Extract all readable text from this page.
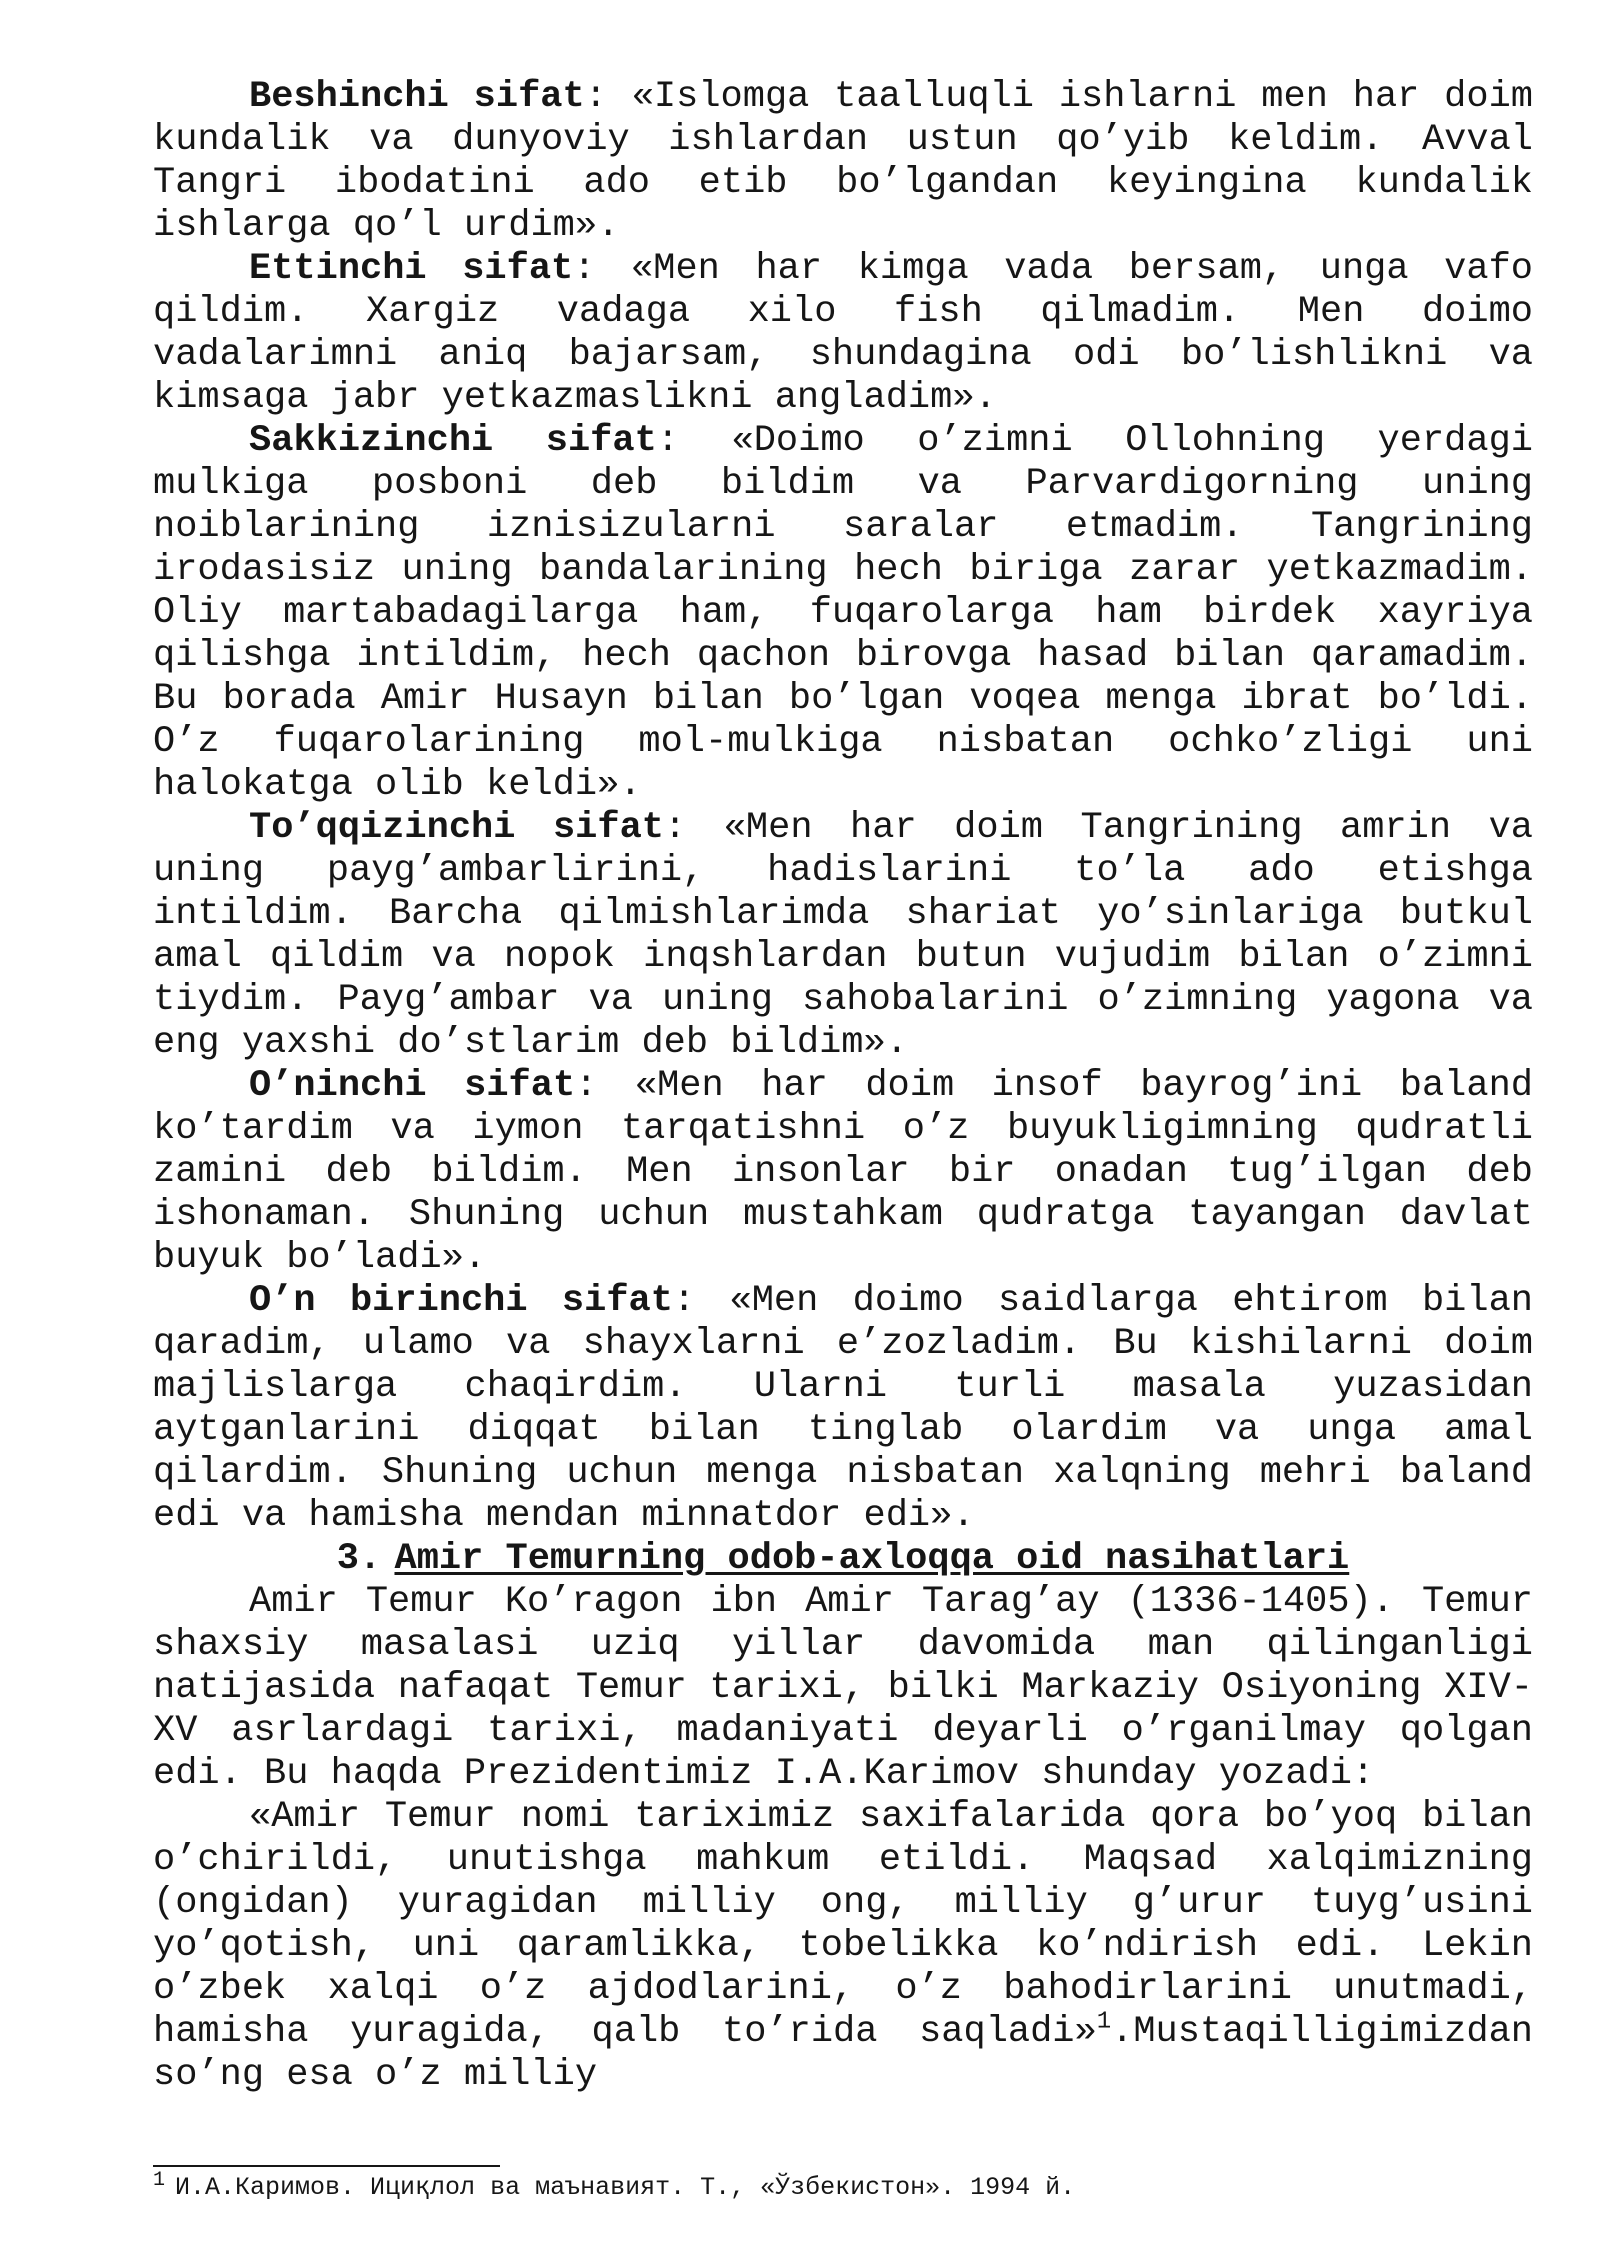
Beshinchi sifat: «Islomga taalluqli ishlarni men har doim kundalik va dunyoviy ishlardan ustun qo’yib keldim. Avval Tangri ibodatini ado etib bo’lgandan keyingina kundalik ishlarga qo’l urdim».

Ettinchi sifat: «Men har kimga vada bersam, unga vafo qildim. Xargiz vadaga xilo fish qilmadim. Men doimo vadalarimni aniq bajarsam, shundagina odi bo’lishlikni va kimsaga jabr yetkazmaslikni angladim».

Sakkizinchi sifat: «Doimo o’zimni Ollohning yerdagi mulkiga posboni deb bildim va Parvardigorning uning noiblarining iznisizularni saralar etmadim. Tangrining irodasisiz uning bandalarining hech biriga zarar yetkazmadim. Oliy martabadagilarga ham, fuqarolarga ham birdek xayriya qilishga intildim, hech qachon birovga hasad bilan qaramadim. Bu borada Amir Husayn bilan bo’lgan voqea menga ibrat bo’ldi. O’z fuqarolarining mol-mulkiga nisbatan ochko’zligi uni halokatga olib keldi».

To’qqizinchi sifat: «Men har doim Tangrining amrin va uning payg’ambarlirini, hadislarini to’la ado etishga intildim. Barcha qilmishlarimda shariat yo’sinlariga butkul amal qildim va nopok inqshlardan butun vujudim bilan o’zimni tiydim. Payg’ambar va uning sahobalarini o’zimning yagona va eng yaxshi do’stlarim deb bildim».

O’ninchi sifat: «Men har doim insof bayrog’ini baland ko’tardim va iymon tarqatishni o’z buyukligimning qudratli zamini deb bildim. Men insonlar bir onadan tug’ilgan deb ishonaman. Shuning uchun mustahkam qudratga tayangan davlat buyuk bo’ladi».

O’n birinchi sifat: «Men doimo saidlarga ehtirom bilan qaradim, ulamo va shayxlarni e’zozladim. Bu kishilarni doim majlislarga chaqirdim. Ularni turli masala yuzasidan aytganlarini diqqat bilan tinglab olardim va unga amal qilardim. Shuning uchun menga nisbatan xalqning mehri baland edi va hamisha mendan minnatdor edi».

3. Amir Temurning odob-axloqqa oid nasihatlari

Amir Temur Ko’ragon ibn Amir Tarag’ay (1336-1405). Temur shaxsiy masalasi uziq yillar davomida man qilinganligi natijasida nafaqat Temur tarixi, bilki Markaziy Osiyoning XIV-XV asrlardagi tarixi, madaniyati deyarli o’rganilmay qolgan edi. Bu haqda Prezidentimiz I.A.Karimov shunday yozadi:

«Amir Temur nomi tariximiz saxifalarida qora bo’yoq bilan o’chirildi, unutishga mahkum etildi. Maqsad xalqimizning (ongidan) yuragidan milliy ong, milliy g’urur tuyg’usini yo’qotish, uni qaramlikka, tobelikka ko’ndirish edi. Lekin o’zbek xalqi o’z ajdodlarini, o’z bahodirlarini unutmadi, hamisha yuragida, qalb to’rida saqladi»$^1$.Mustaqilligimizdan so’ng esa o’z milliy

$^1$ И.А.Каримов. Ициқлол ва маънавият. Т., «Ўзбекистон». 1994 й.
